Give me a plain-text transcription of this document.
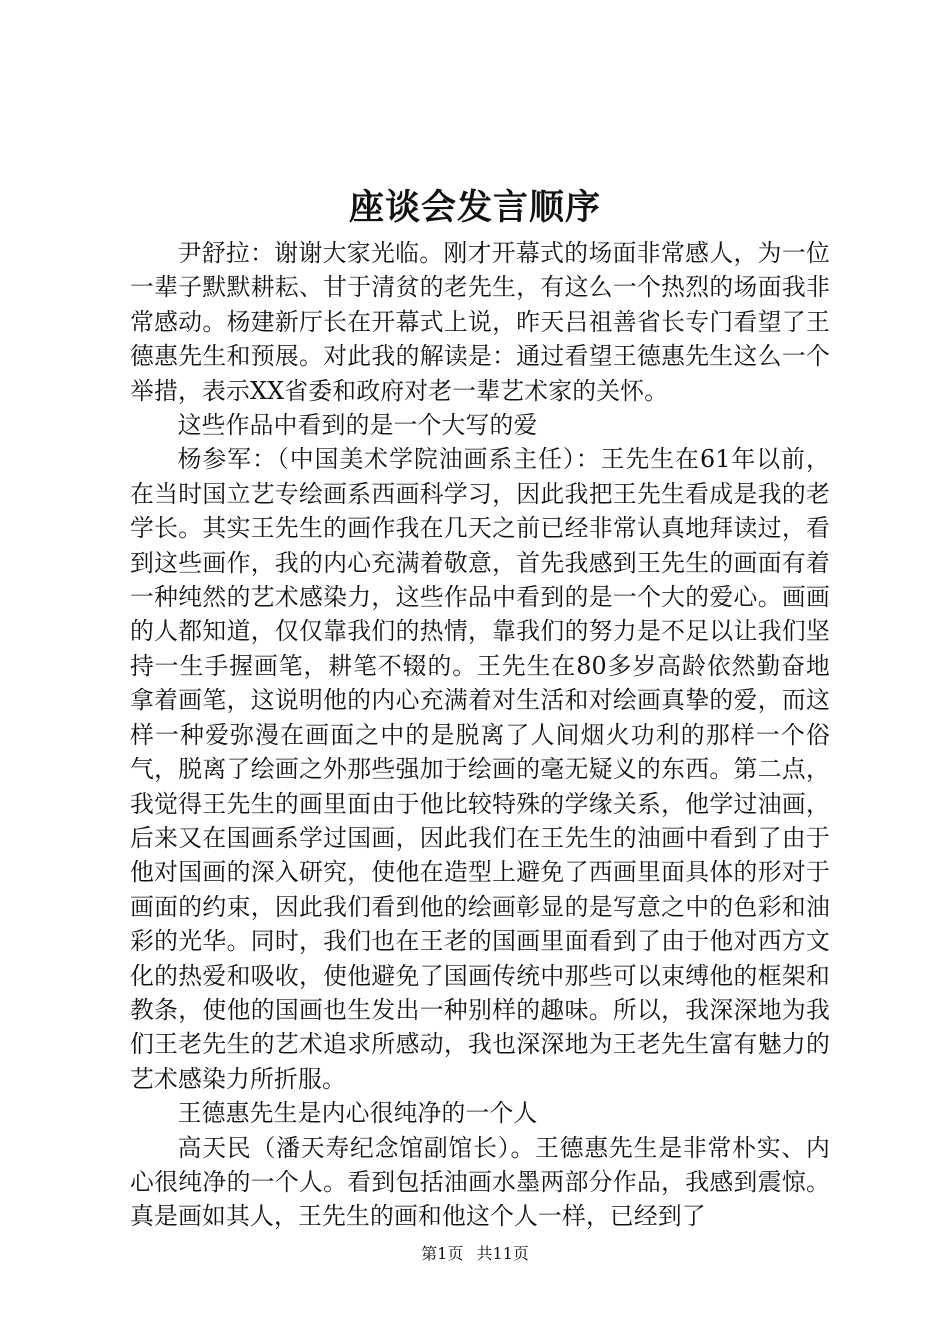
座谈会发言顺序

尹舒拉：谢谢大家光临。刚才开幕式的场面非常感人，为一位一辈子默默耕耘、甘于清贫的老先生，有这么一个热烈的场面我非常感动。杨建新厅长在开幕式上说，昨天吕祖善省长专门看望了王德惠先生和预展。对此我的解读是：通过看望王德惠先生这么一个举措，表示XX省委和政府对老一辈艺术家的关怀。

这些作品中看到的是一个大写的爱

杨参军：（中国美术学院油画系主任）：王先生在61年以前，在当时国立艺专绘画系西画科学习，因此我把王先生看成是我的老学长。其实王先生的画作我在几天之前已经非常认真地拜读过，看到这些画作，我的内心充满着敬意，首先我感到王先生的画面有着一种纯然的艺术感染力，这些作品中看到的是一个大的爱心。画画的人都知道，仅仅靠我们的热情，靠我们的努力是不足以让我们坚持一生手握画笔，耕笔不辍的。王先生在80多岁高龄依然勤奋地拿着画笔，这说明他的内心充满着对生活和对绘画真挚的爱，而这样一种爱弥漫在画面之中的是脱离了人间烟火功利的那样一个俗气，脱离了绘画之外那些强加于绘画的毫无疑义的东西。第二点，我觉得王先生的画里面由于他比较特殊的学缘关系，他学过油画，后来又在国画系学过国画，因此我们在王先生的油画中看到了由于他对国画的深入研究，使他在造型上避免了西画里面具体的形对于画面的约束，因此我们看到他的绘画彰显的是写意之中的色彩和油彩的光华。同时，我们也在王老的国画里面看到了由于他对西方文化的热爱和吸收，使他避免了国画传统中那些可以束缚他的框架和教条，使他的国画也生发出一种别样的趣味。所以，我深深地为我们王老先生的艺术追求所感动，我也深深地为王老先生富有魅力的艺术感染力所折服。

王德惠先生是内心很纯净的一个人

高天民（潘天寿纪念馆副馆长）。王德惠先生是非常朴实、内心很纯净的一个人。看到包括油画水墨两部分作品，我感到震惊。真是画如其人，王先生的画和他这个人一样，已经到了

第1页 共11页
